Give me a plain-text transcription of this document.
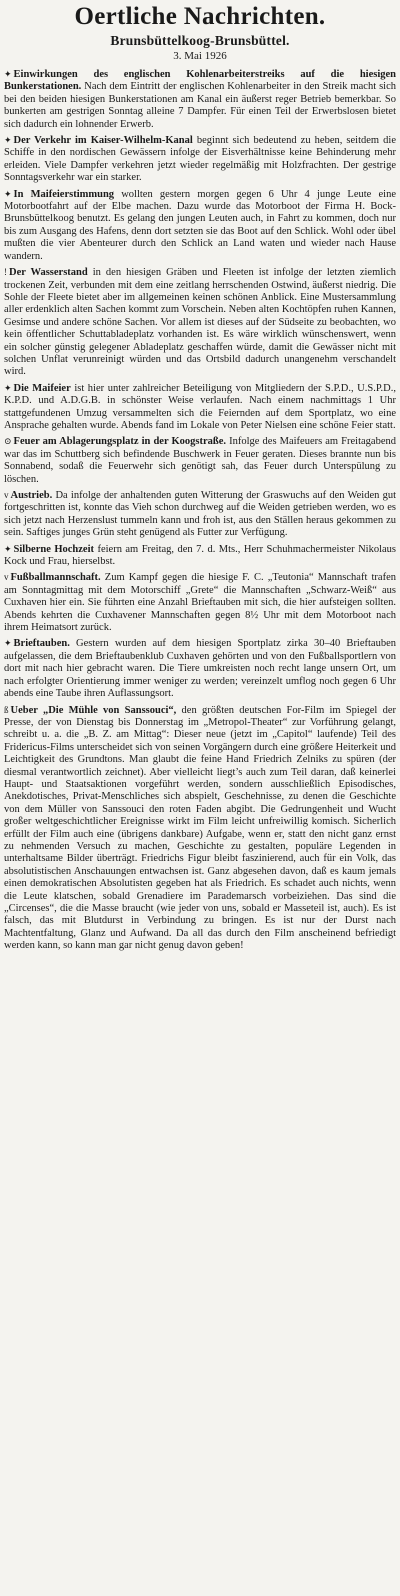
Oertliche Nachrichten.
Brunsbüttelkoog-Brunsbüttel.
3. Mai 1926
✦ Einwirkungen des englischen Kohlenarbeiterstreiks auf die hiesigen Bunkerstationen. Nach dem Eintritt der englischen Kohlenarbeiter in den Streik macht sich bei den beiden hiesigen Bunkerstationen am Kanal ein äußerst reger Betrieb bemerkbar. So bunkerten am gestrigen Sonntag alleine 7 Dampfer. Für einen Teil der Erwerbslosen bietet sich dadurch ein lohnender Erwerb.
✦ Der Verkehr im Kaiser-Wilhelm-Kanal beginnt sich bedeutend zu heben, seitdem die Schiffe in den nordischen Gewässern infolge der Eisverhältnisse keine Behinderung mehr erleiden. Viele Dampfer verkehren jetzt wieder regelmäßig mit Holzfrachten. Der gestrige Sonntagsverkehr war ein starker.
✦ In Maifeierstimmung wollten gestern morgen gegen 6 Uhr 4 junge Leute eine Motorbootfahrt auf der Elbe machen. Dazu wurde das Motorboot der Firma H. Bock-Brunsbüttelkoog benutzt. Es gelang den jungen Leuten auch, in Fahrt zu kommen, doch nur bis zum Ausgang des Hafens, denn dort setzten sie das Boot auf den Schlick. Wohl oder übel mußten die vier Abenteurer durch den Schlick an Land waten und wieder nach Hause wandern.
! Der Wasserstand in den hiesigen Gräben und Fleeten ist infolge der letzten ziemlich trockenen Zeit, verbunden mit dem eine zeitlang herrschenden Ostwind, äußerst niedrig. Die Sohle der Fleete bietet aber im allgemeinen keinen schönen Anblick. Eine Mustersammlung aller erdenklich alten Sachen kommt zum Vorschein. Neben alten Kochtöpfen ruhen Kannen, Gesimse und andere schöne Sachen. Vor allem ist dieses auf der Südseite zu beobachten, wo kein öffentlicher Schuttabladeplatz vorhanden ist. Es wäre wirklich wünschenswert, wenn ein solcher günstig gelegener Abladeplatz geschaffen würde, damit die Gewässer nicht mit solchen Unflat verunreinigt würden und das Ortsbild dadurch unangenehm verschandelt wird.
✦ Die Maifeier ist hier unter zahlreicher Beteiligung von Mitgliedern der S.P.D., U.S.P.D., K.P.D. und A.D.G.B. in schönster Weise verlaufen. Nach einem nachmittags 1 Uhr stattgefundenen Umzug versammelten sich die Feiernden auf dem Sportplatz, wo eine Ansprache gehalten wurde. Abends fand im Lokale von Peter Nielsen eine schöne Feier statt.
⊙ Feuer am Ablagerungsplatz in der Koogstraße. Infolge des Maifeuers am Freitagabend war das im Schuttberg sich befindende Buschwerk in Feuer geraten. Dieses brannte nun bis Sonnabend, sodaß die Feuerwehr sich genötigt sah, das Feuer durch Unterspülung zu löschen.
v Austrieb. Da infolge der anhaltenden guten Witterung der Graswuchs auf den Weiden gut fortgeschritten ist, konnte das Vieh schon durchweg auf die Weiden getrieben werden, wo es sich jetzt nach Herzenslust tummeln kann und froh ist, aus den Ställen heraus gekommen zu sein. Saftiges junges Grün steht genügend als Futter zur Verfügung.
✦ Silberne Hochzeit feiern am Freitag, den 7. d. Mts., Herr Schuhmachermeister Nikolaus Kock und Frau, hierselbst.
v Fußballmannschaft. Zum Kampf gegen die hiesige F. C. „Teutonia“ Mannschaft trafen am Sonntagmittag mit dem Motorschiff „Grete“ die Mannschaften „Schwarz-Weiß“ aus Cuxhaven hier ein. Sie führten eine Anzahl Brieftauben mit sich, die hier aufsteigen sollten. Abends kehrten die Cuxhavener Mannschaften gegen 8½ Uhr mit dem Motorboot nach ihrem Heimatsort zurück.
✦ Brieftauben. Gestern wurden auf dem hiesigen Sportplatz zirka 30–40 Brieftauben aufgelassen, die dem Brieftaubenklub Cuxhaven gehörten und von den Fußballsportlern von dort mit nach hier gebracht waren. Die Tiere umkreisten noch recht lange unsern Ort, um nach erfolgter Orientierung immer weniger zu werden; vereinzelt umflog noch gegen 6 Uhr abends eine Taube ihren Auflassungsort.
ß Ueber „Die Mühle von Sanssouci“, den größten deutschen For-Film im Spiegel der Presse, der von Dienstag bis Donnerstag im „Metropol-Theater“ zur Vorführung gelangt, schreibt u. a. die „B. Z. am Mittag“: Dieser neue (jetzt im „Capitol“ laufende) Teil des Fridericus-Films unterscheidet sich von seinen Vorgängern durch eine größere Heiterkeit und Leichtigkeit des Grundtons. Man glaubt die feine Hand Friedrich Zelniks zu spüren (der diesmal verantwortlich zeichnet). Aber vielleicht liegt’s auch zum Teil daran, daß keinerlei Haupt- und Staatsaktionen vorgeführt werden, sondern ausschließlich Episodisches, Anekdotisches, Privat-Menschliches sich abspielt, Geschehnisse, zu denen die Geschichte von dem Müller von Sanssouci den roten Faden abgibt. Die Gedrungenheit und Wucht großer weltgeschichtlicher Ereignisse wirkt im Film leicht unfreiwillig komisch. Sicherlich erfüllt der Film auch eine (übrigens dankbare) Aufgabe, wenn er, statt den nicht ganz ernst zu nehmenden Versuch zu machen, Geschichte zu gestalten, populäre Legenden in unterhaltsame Bilder überträgt. Friedrichs Figur bleibt faszinierend, auch für ein Volk, das absolutistischen Anschauungen entwachsen ist. Ganz abgesehen davon, daß es kaum jemals einen demokratischen Absolutisten gegeben hat als Friedrich. Es schadet auch nichts, wenn die Leute klatschen, sobald Grenadiere im Parademarsch vorbeiziehen. Das sind die „Circenses“, die die Masse braucht (wie jeder von uns, sobald er Masseteil ist, auch). Es ist falsch, das mit Blutdurst in Verbindung zu bringen. Es ist nur der Durst nach Machtentfaltung, Glanz und Aufwand. Da all das durch den Film anscheinend befriedigt werden kann, so kann man gar nicht genug davon geben!
